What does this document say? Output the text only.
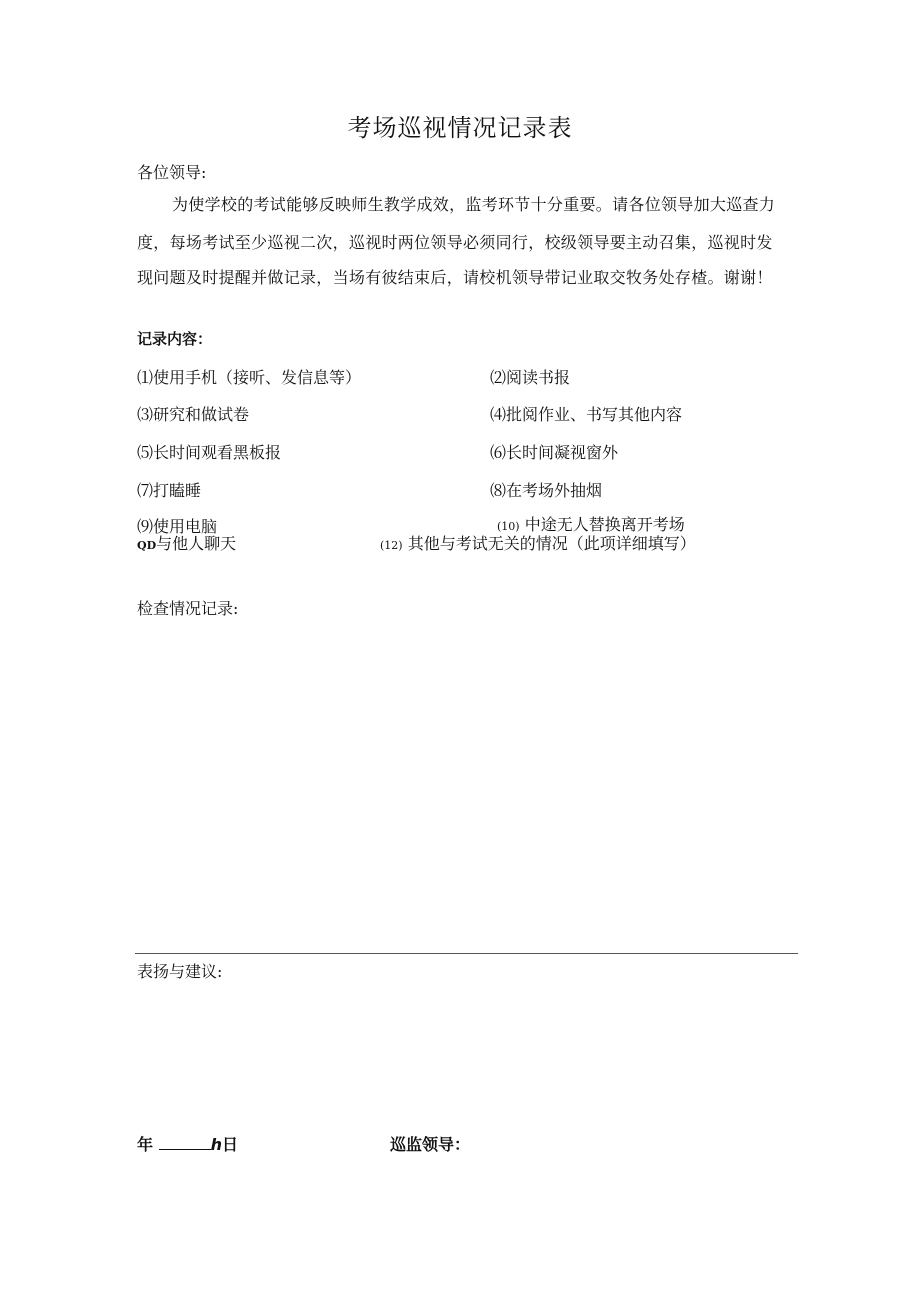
考场巡视情况记录表
各位领导:
为使学校的考试能够反映师生教学成效，监考环节十分重要。请各位领导加大巡查力
度，每场考试至少巡视二次，巡视时两位领导必须同行，校级领导要主动召集，巡视时发
现问题及时提醒并做记录，当场有彼结束后，请校机领导带记业取交牧务处存楂。谢谢！
记录内容：
⑴使用手机（接听、发信息等）	⑵阅读书报
⑶研究和做试卷	⑷批阅作业、书写其他内容
⑸长时间观看黑板报	⑹长时间凝视窗外
⑺打瞌睡	⑻在考场外抽烟
⑼使用电脑	(10) 中途无人替换离开考场
QD与他人聊天	(12) 其他与考试无关的情况（此项详细填写）
检查情况记录:
表扬与建议:
年	h日	巡监领导：
